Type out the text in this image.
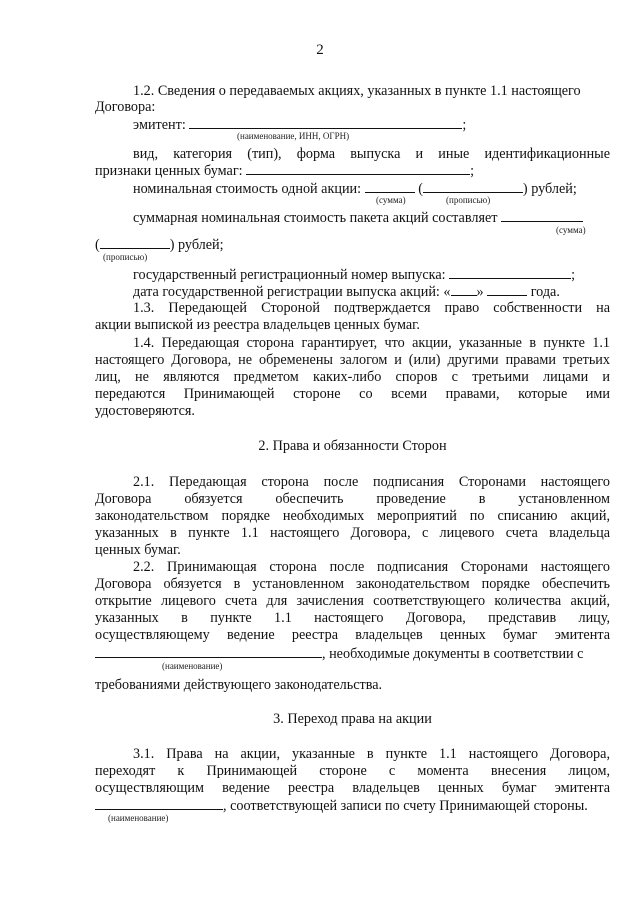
2
1.2. Сведения о передаваемых акциях, указанных в пункте 1.1 настоящего
Договора:
эмитент:	;
(наименование, ИНН, ОГРН)
вид, категория (тип), форма выпуска и иные идентификационные
признаки ценных бумаг:	;
номинальная стоимость одной акции:	(	) рублей;
(сумма)	(прописью)
суммарная номинальная стоимость пакета акций составляет
(сумма)
(	) рублей;
(прописью)
государственный регистрационный номер выпуска:	;
дата государственной регистрации выпуска акций: « »	года.
1.3. Передающей Стороной подтверждается право собственности на
акции выпиской из реестра владельцев ценных бумаг.
1.4. Передающая сторона гарантирует, что акции, указанные в пункте 1.1
настоящего Договора, не обременены залогом и (или) другими правами третьих
лиц, не являются предметом каких-либо споров с третьими лицами и
передаются Принимающей стороне со всеми правами, которые ими
удостоверяются.
2. Права и обязанности Сторон
2.1. Передающая сторона после подписания Сторонами настоящего
Договора обязуется обеспечить проведение в установленном
законодательством порядке необходимых мероприятий по списанию акций,
указанных в пункте 1.1 настоящего Договора, с лицевого счета владельца
ценных бумаг.
2.2. Принимающая сторона после подписания Сторонами настоящего
Договора обязуется в установленном законодательством порядке обеспечить
открытие лицевого счета для зачисления соответствующего количества акций,
указанных в пункте 1.1 настоящего Договора, представив лицу,
осуществляющему ведение реестра владельцев ценных бумаг эмитента
, необходимые документы в соответствии с
(наименование)
требованиями действующего законодательства.
3. Переход права на акции
3.1. Права на акции, указанные в пункте 1.1 настоящего Договора,
переходят к Принимающей стороне с момента внесения лицом,
осуществляющим ведение реестра владельцев ценных бумаг эмитента
, соответствующей записи по счету Принимающей стороны.
(наименование)
